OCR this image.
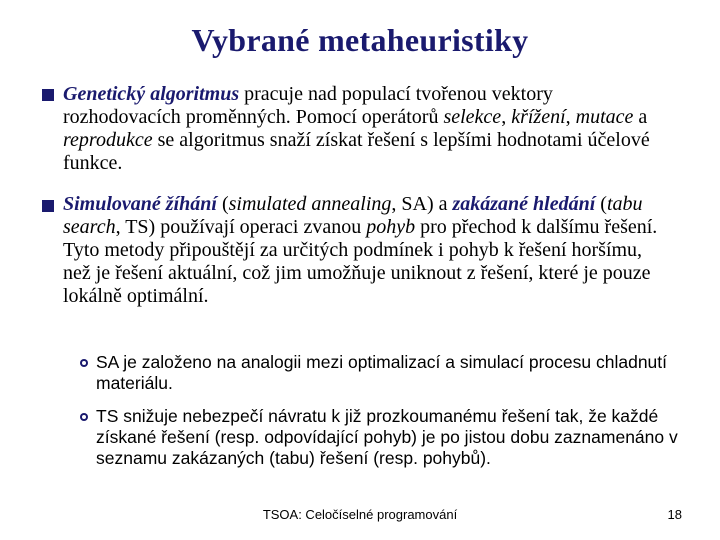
Vybrané metaheuristiky
Genetický algoritmus pracuje nad populací tvořenou vektory rozhodovacích proměnných. Pomocí operátorů selekce, křížení, mutace a reprodukce se algoritmus snaží získat řešení s lepšími hodnotami účelové funkce.
Simulované žíhání (simulated annealing, SA) a zakázané hledání (tabu search, TS) používají operaci zvanou pohyb pro přechod k dalšímu řešení. Tyto metody připouštějí za určitých podmínek i pohyb k řešení horšímu, než je řešení aktuální, což jim umožňuje uniknout z řešení, které je pouze lokálně optimální.
SA je založeno na analogii mezi optimalizací a simulací procesu chladnutí materiálu.
TS snižuje nebezpečí návratu k již prozkoumanému řešení tak, že každé získané řešení (resp. odpovídající pohyb) je po jistou dobu zaznamenáno v seznamu zakázaných (tabu) řešení (resp. pohybů).
TSOA: Celočíselné programování	18
